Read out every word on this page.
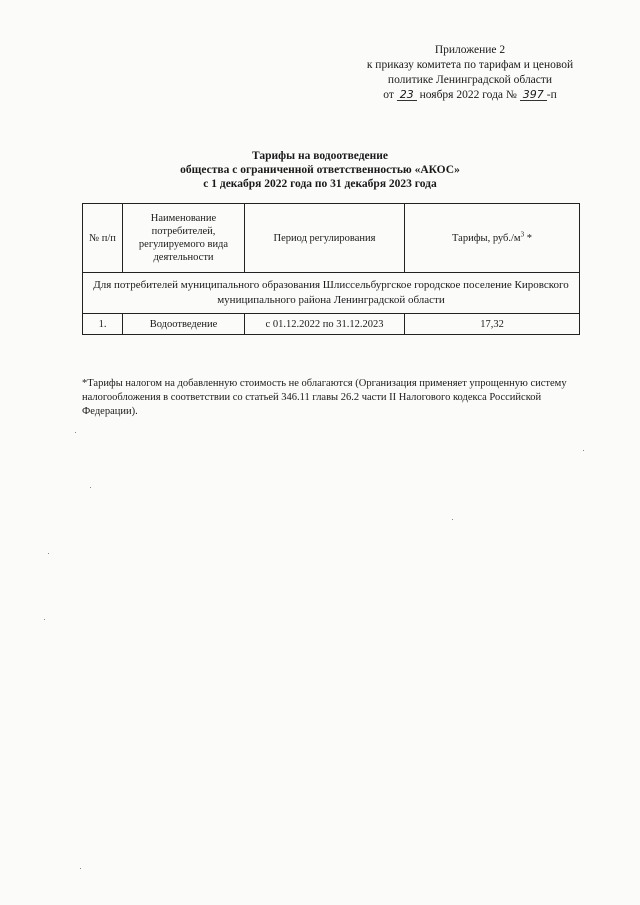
Приложение 2
к приказу комитета по тарифам и ценовой
политике Ленинградской области
от 23 ноября 2022 года № 397 -п
Тарифы на водоотведение
общества с ограниченной ответственностью «АКОС»
с 1 декабря 2022 года по 31 декабря 2023 года
№ п/п	Наименование потребителей, регулируемого вида деятельности	Период регулирования	Тарифы, $руб./м^3$ *
Для потребителей муниципального образования Шлиссельбургское городское поселение Кировского муниципального района Ленинградской области			
1.	Водоотведение	с 01.12.2022 по 31.12.2023	17,32
*Тарифы налогом на добавленную стоимость не облагаются (Организация применяет упрощенную систему налогообложения в соответствии со статьей 346.11 главы 26.2 части II Налогового кодекса Российской Федерации).
